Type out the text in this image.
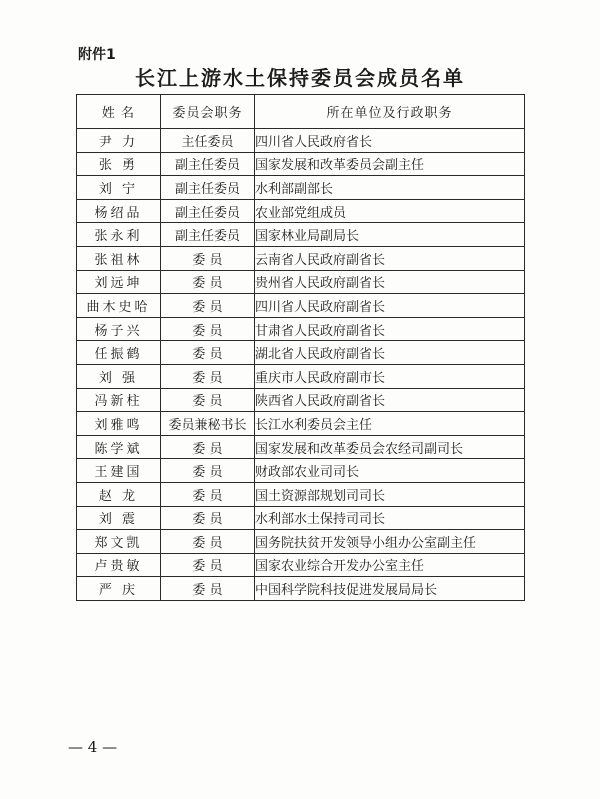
附件1
长江上游水土保持委员会成员名单
姓 名	委员会职务	所在单位及行政职务
尹 力	主任委员	四川省人民政府省长
张 勇	副主任委员	国家发展和改革委员会副主任
刘 宁	副主任委员	水利部副部长
杨绍品	副主任委员	农业部党组成员
张永利	副主任委员	国家林业局副局长
张祖林	委 员	云南省人民政府副省长
刘远坤	委 员	贵州省人民政府副省长
曲木史哈	委 员	四川省人民政府副省长
杨子兴	委 员	甘肃省人民政府副省长
任振鹤	委 员	湖北省人民政府副省长
刘 强	委 员	重庆市人民政府副市长
冯新柱	委 员	陕西省人民政府副省长
刘雅鸣	委员兼秘书长	长江水利委员会主任
陈学斌	委 员	国家发展和改革委员会农经司副司长
王建国	委 员	财政部农业司司长
赵 龙	委 员	国土资源部规划司司长
刘 震	委 员	水利部水土保持司司长
郑文凯	委 员	国务院扶贫开发领导小组办公室副主任
卢贵敏	委 员	国家农业综合开发办公室主任
严 庆	委 员	中国科学院科技促进发展局局长
— 4 —
